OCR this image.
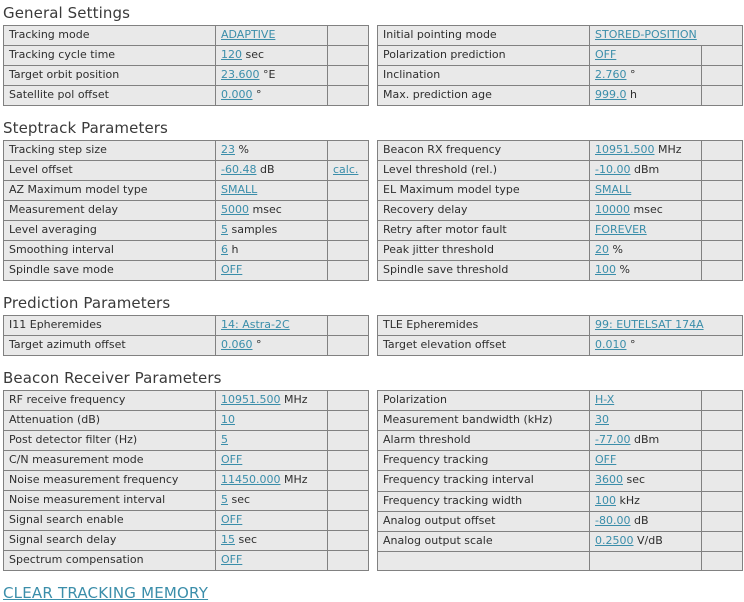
General Settings
Tracking mode	ADAPTIVE	
Tracking cycle time	120 sec	
Target orbit position	23.600 °E	
Satellite pol offset	0.000 °	
Initial pointing mode	STORED-POSITION	
Polarization prediction	OFF	
Inclination	2.760 °	
Max. prediction age	999.0 h	
Steptrack Parameters
Tracking step size	23 %	
Level offset	-60.48 dB	calc.
AZ Maximum model type	SMALL	
Measurement delay	5000 msec	
Level averaging	5 samples	
Smoothing interval	6 h	
Spindle save mode	OFF	
Beacon RX frequency	10951.500 MHz	
Level threshold (rel.)	-10.00 dBm	
EL Maximum model type	SMALL	
Recovery delay	10000 msec	
Retry after motor fault	FOREVER	
Peak jitter threshold	20 %	
Spindle save threshold	100 %	
Prediction Parameters
I11 Epheremides	14: Astra-2C	
Target azimuth offset	0.060 °	
TLE Epheremides	99: EUTELSAT 174A
Target elevation offset	0.010 °
Beacon Receiver Parameters
RF receive frequency	10951.500 MHz	
Attenuation (dB)	10	
Post detector filter (Hz)	5	
C/N measurement mode	OFF	
Noise measurement frequency	11450.000 MHz	
Noise measurement interval	5 sec	
Signal search enable	OFF	
Signal search delay	15 sec	
Spectrum compensation	OFF	
Polarization	H-X	
Measurement bandwidth (kHz)	30	
Alarm threshold	-77.00 dBm	
Frequency tracking	OFF	
Frequency tracking interval	3600 sec	
Frequency tracking width	100 kHz	
Analog output offset	-80.00 dB	
Analog output scale	0.2500 V/dB	

CLEAR TRACKING MEMORY
